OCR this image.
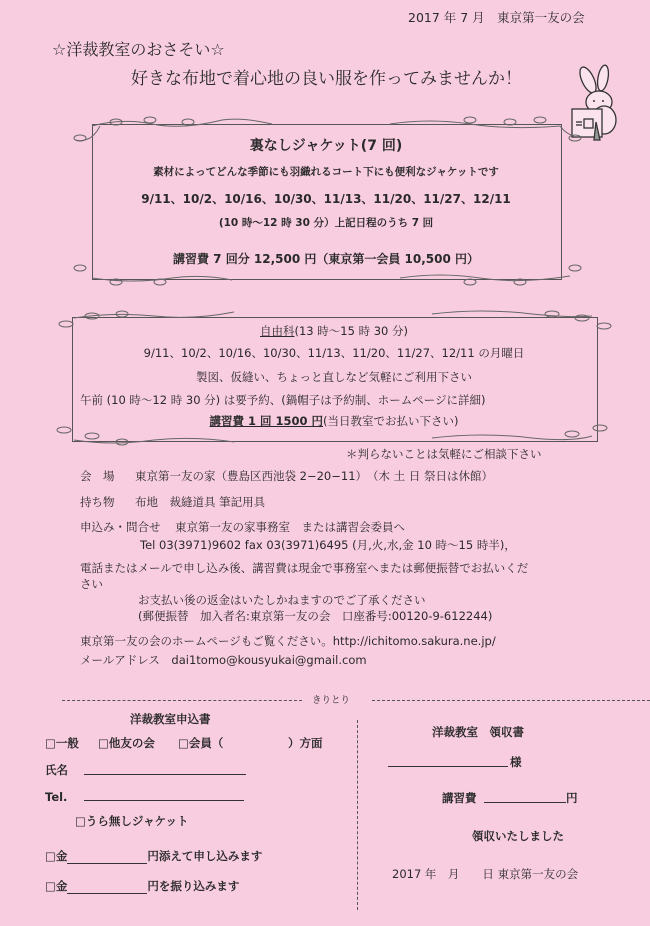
2017 年 7 月　東京第一友の会
☆洋裁教室のおさそい☆
好きな布地で着心地の良い服を作ってみませんか！
裏なしジャケット(7 回)
素材によってどんな季節にも羽織れるコート下にも便利なジャケットです
9/11、10/2、10/16、10/30、11/13、11/20、11/27、12/11
(10 時～12 時 30 分）上記日程のうち 7 回
講習費 7 回分 12,500 円（東京第一会員 10,500 円）
自由科(13 時～15 時 30 分)
9/11、10/2、10/16、10/30、11/13、11/20、11/27、12/11 の月曜日
製図、仮縫い、ちょっと直しなど気軽にご利用下さい
午前 (10 時～12 時 30 分) は要予約、(鍋帽子は予約制、ホームページに詳細)
講習費 1 回 1500 円(当日教室でお払い下さい)
＊判らないことは気軽にご相談下さい
会　場 東京第一友の家（豊島区西池袋 2−20−11）　（木 土 日 祭日は休館）
持ち物 布地　裁縫道具 筆記用具
申込み・問合せ 東京第一友の家事務室　または講習会委員へ
Tel 03(3971)9602 fax 03(3971)6495 (月,火,水,金 10 時～15 時半)，
電話またはメールで申し込み後、講習費は現金で事務室へまたは郵便振替でお払いくだ
さい
お支払い後の返金はいたしかねますのでご了承ください
(郵便振替　加入者名:東京第一友の会　口座番号:00120-9-612244)
東京第一友の会のホームページもご覧ください。http://ichitomo.sakura.ne.jp/
メールアドレス　dai1tomo@kousyukai@gmail.com
きりとり
洋裁教室申込書
□一般 □他友の会 □会員（	）方面
氏名
Tel.
□うら無しジャケット
□金	円添えて申し込みます
□金	円を振り込みます
洋裁教室　領収書
様
講習費	円
領収いたしました
2017 年　月　　日 東京第一友の会
